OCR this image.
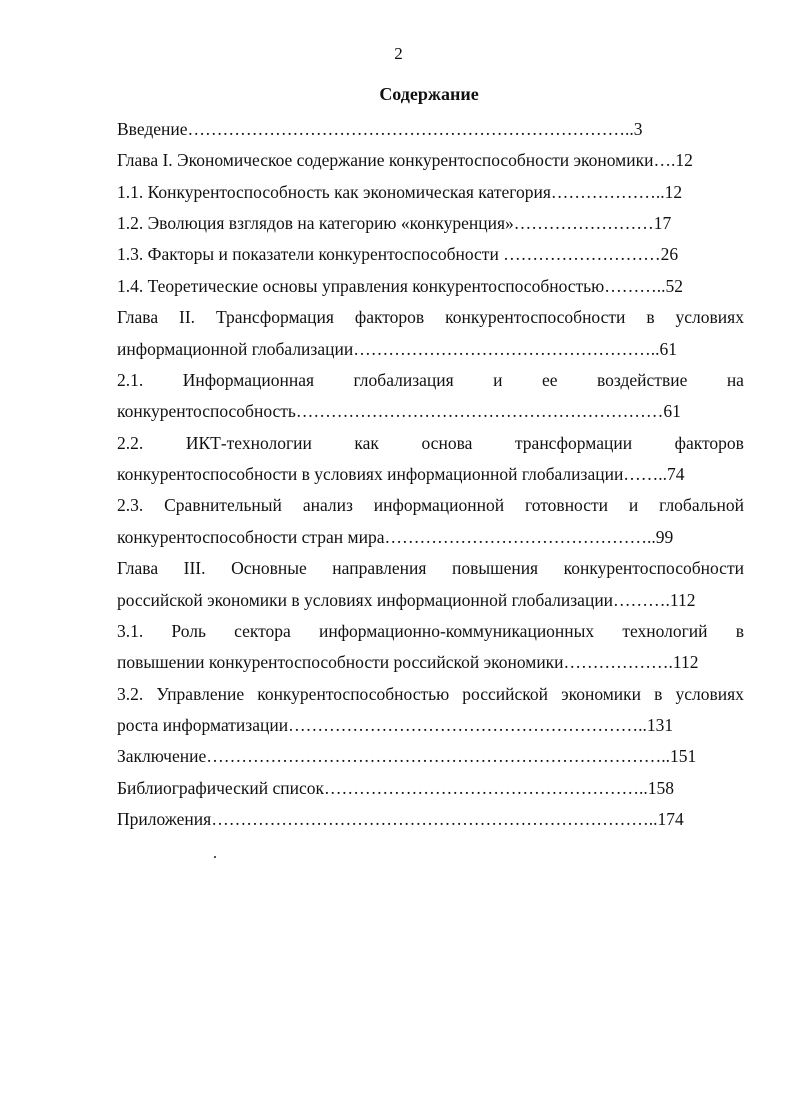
2
Содержание
Введение…………………………………………………………………..3
Глава I. Экономическое содержание конкурентоспособности экономики….12
1.1. Конкурентоспособность как экономическая категория………………..12
1.2. Эволюция взглядов на категорию «конкуренция»……………………17
1.3. Факторы и показатели конкурентоспособности ………………………26
1.4. Теоретические основы управления конкурентоспособностью………..52
Глава II. Трансформация факторов конкурентоспособности в условиях
информационной глобализации……………………………………………..61
2.1. Информационная глобализация и ее воздействие на
конкурентоспособность………………………………………………………61
2.2. ИКТ-технологии как основа трансформации факторов
конкурентоспособности в условиях информационной глобализации……..74
2.3. Сравнительный анализ информационной готовности и глобальной
конкурентоспособности стран мира………………………………………..99
Глава III. Основные направления повышения конкурентоспособности
российской экономики в условиях информационной глобализации……….112
3.1. Роль сектора информационно-коммуникационных технологий в
повышении конкурентоспособности российской экономики……………….112
3.2. Управление конкурентоспособностью российской экономики в условиях
роста информатизации……………………………………………………..131
Заключение……………………………………………………………………..151
Библиографический список………………………………………………..158
Приложения…………………………………………………………………..174
